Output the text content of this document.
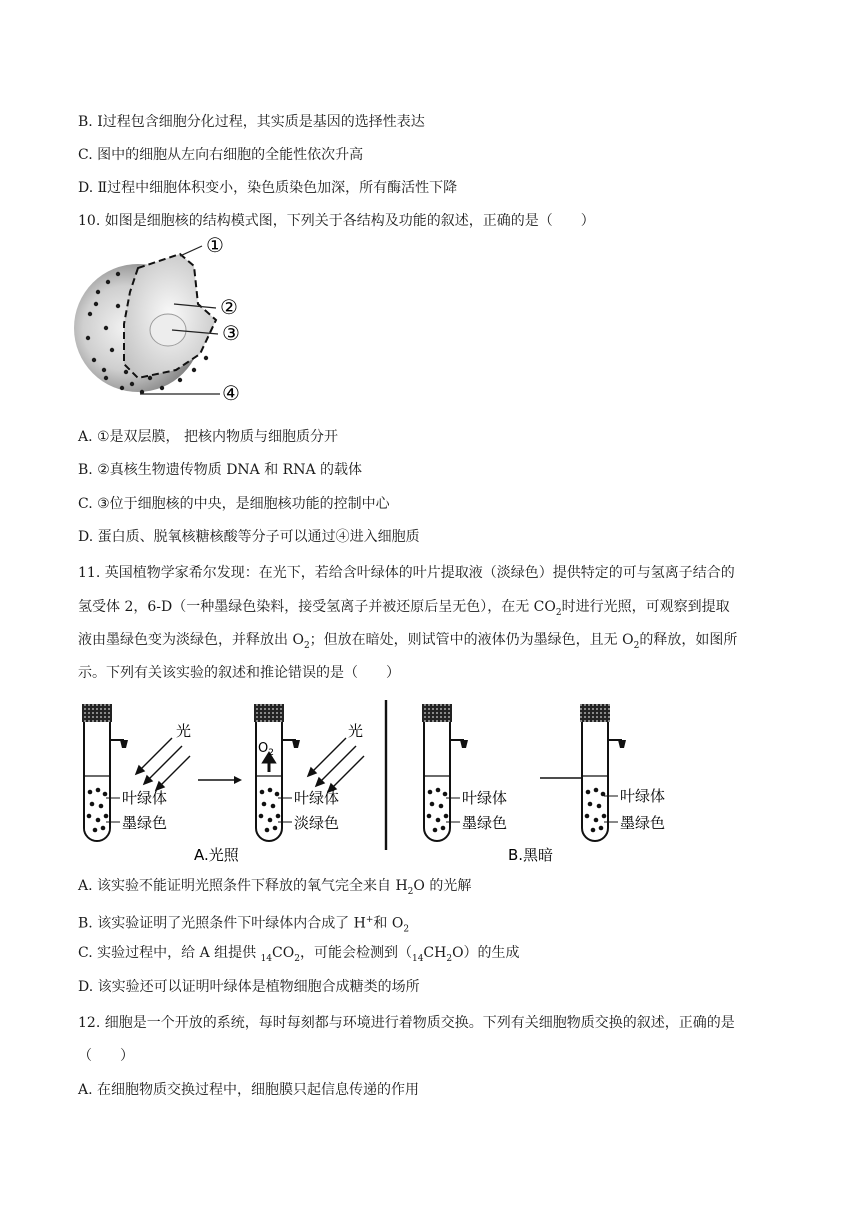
B. Ⅰ过程包含细胞分化过程，其实质是基因的选择性表达

C. 图中的细胞从左向右细胞的全能性依次升高

D. Ⅱ过程中细胞体积变小，染色质染色加深，所有酶活性下降

10. 如图是细胞核的结构模式图，下列关于各结构及功能的叙述，正确的是（　　）

①
②
③
④

A. ①是双层膜， 把核内物质与细胞质分开

B. ②真核生物遗传物质 DNA 和 RNA 的载体

C. ③位于细胞核的中央，是细胞核功能的控制中心

D. 蛋白质、脱氧核糖核酸等分子可以通过④进入细胞质

11. 英国植物学家希尔发现：在光下，若给含叶绿体的叶片提取液（淡绿色）提供特定的可与氢离子结合的

氢受体 2，6-D（一种墨绿色染料，接受氢离子并被还原后呈无色），在无 $CO_2$时进行光照，可观察到提取

液由墨绿色变为淡绿色，并释放出 $O_2$；但放在暗处，则试管中的液体仍为墨绿色，且无 $O_2$的释放，如图所

示。下列有关该实验的叙述和推论错误的是（　　）

光
叶绿体
墨绿色
$O_2$
光
叶绿体
淡绿色
A.光照
叶绿体
墨绿色
叶绿体
墨绿色
B.黑暗

A. 该实验不能证明光照条件下释放的氧气完全来自 $H_2O$ 的光解

B. 该实验证明了光照条件下叶绿体内合成了 H+和 $O_2$

C. 实验过程中，给 A 组提供 $_{14}CO_2$，可能会检测到$(_{14}CH_2O)$的生成

D. 该实验还可以证明叶绿体是植物细胞合成糖类的场所

12. 细胞是一个开放的系统，每时每刻都与环境进行着物质交换。下列有关细胞物质交换的叙述，正确的是

（　　）

A. 在细胞物质交换过程中，细胞膜只起信息传递的作用
